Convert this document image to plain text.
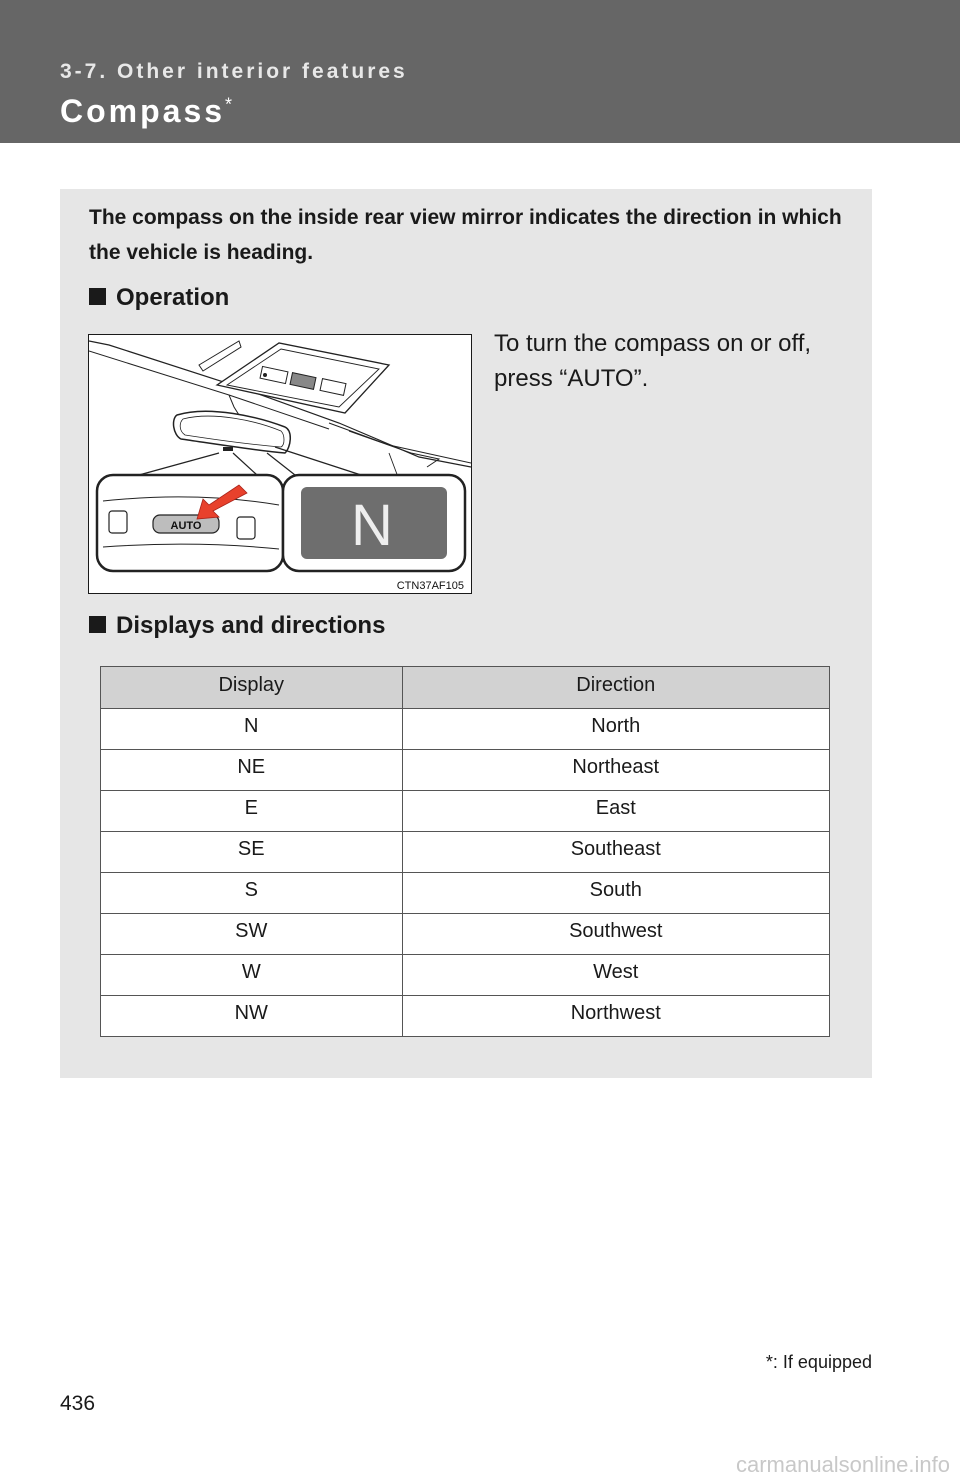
3-7. Other interior features
Compass*
The compass on the inside rear view mirror indicates the direction in which the vehicle is heading.
Operation
AUTO	N
CTN37AF105
To turn the compass on or off, press “AUTO”.
Displays and directions
Display	Direction
N	North
NE	Northeast
E	East
SE	Southeast
S	South
SW	Southwest
W	West
NW	Northwest
*: If equipped
436
carmanualsonline.info
